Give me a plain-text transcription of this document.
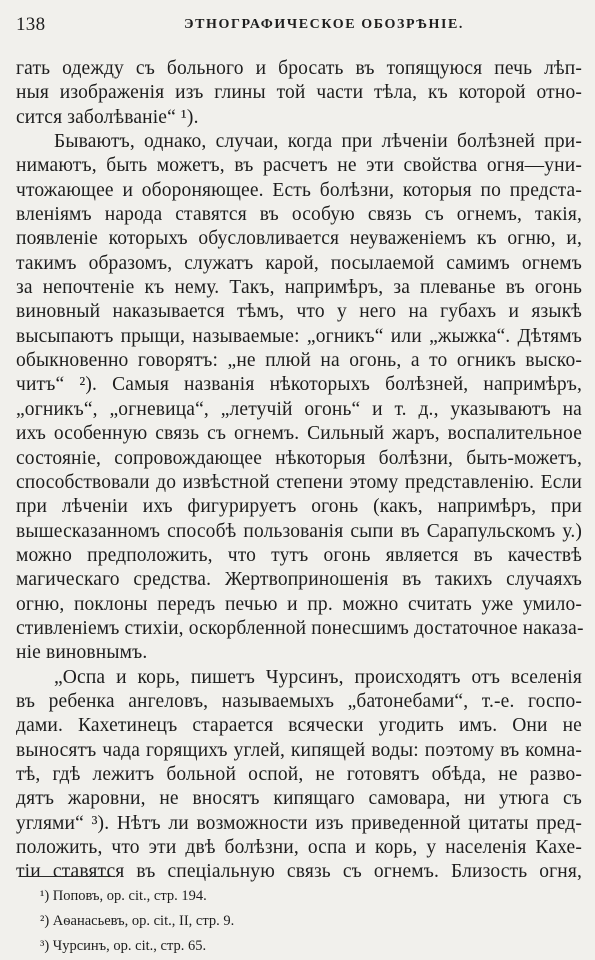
138	ЭТНОГРАФИЧЕСКОЕ ОБОЗРѢНІЕ.
гать одежду съ больного и бросать въ топящуюся печь лѣп-
ныя изображенія изъ глины той части тѣла, къ которой отно-
сится заболѣваніе“ ¹).
Бываютъ, однако, случаи, когда при лѣченіи болѣзней при-
нимаютъ, быть можетъ, въ расчетъ не эти свойства огня—уни-
чтожающее и обороняющее. Есть болѣзни, которыя по предста-
вленіямъ народа ставятся въ особую связь съ огнемъ, такія,
появленіе которыхъ обусловливается неуваженіемъ къ огню, и,
такимъ образомъ, служатъ карой, посылаемой самимъ огнемъ
за непочтеніе къ нему. Такъ, напримѣръ, за плеванье въ огонь
виновный наказывается тѣмъ, что у него на губахъ и языкѣ
высыпаютъ прыщи, называемые: „огникъ“ или „жыжка“. Дѣтямъ
обыкновенно говорятъ: „не плюй на огонь, а то огникъ выско-
читъ“ ²). Самыя названія нѣкоторыхъ болѣзней, напримѣръ,
„огникъ“, „огневица“, „летучій огонь“ и т. д., указываютъ на
ихъ особенную связь съ огнемъ. Сильный жаръ, воспалительное
состояніе, сопровождающее нѣкоторыя болѣзни, быть-можетъ,
способствовали до извѣстной степени этому представленію. Если
при лѣченіи ихъ фигурируетъ огонь (какъ, напримѣръ, при
вышесказанномъ способѣ пользованія сыпи въ Сарапульскомъ у.)
можно предположить, что тутъ огонь является въ качествѣ
магическаго средства. Жертвоприношенія въ такихъ случаяхъ
огню, поклоны передъ печью и пр. можно считать уже умило-
стивленіемъ стихіи, оскорбленной понесшимъ достаточное наказа-
ніе виновнымъ.
„Оспа и корь, пишетъ Чурсинъ, происходятъ отъ вселенія
въ ребенка ангеловъ, называемыхъ „батонебами“, т.-е. госпо-
дами. Кахетинецъ старается всячески угодить имъ. Они не
выносятъ чада горящихъ углей, кипящей воды: поэтому въ комна-
тѣ, гдѣ лежитъ больной оспой, не готовятъ обѣда, не разво-
дятъ жаровни, не вносятъ кипящаго самовара, ни утюга съ
углями“ ³). Нѣтъ ли возможности изъ приведенной цитаты пред-
положить, что эти двѣ болѣзни, оспа и корь, у населенія Кахе-
тіи ставятся въ спеціальную связь съ огнемъ. Близость огня,
¹) Поповъ, op. cit., стр. 194.
²) Аѳанасьевъ, op. cit., II, стр. 9.
³) Чурсинъ, op. cit., стр. 65.
